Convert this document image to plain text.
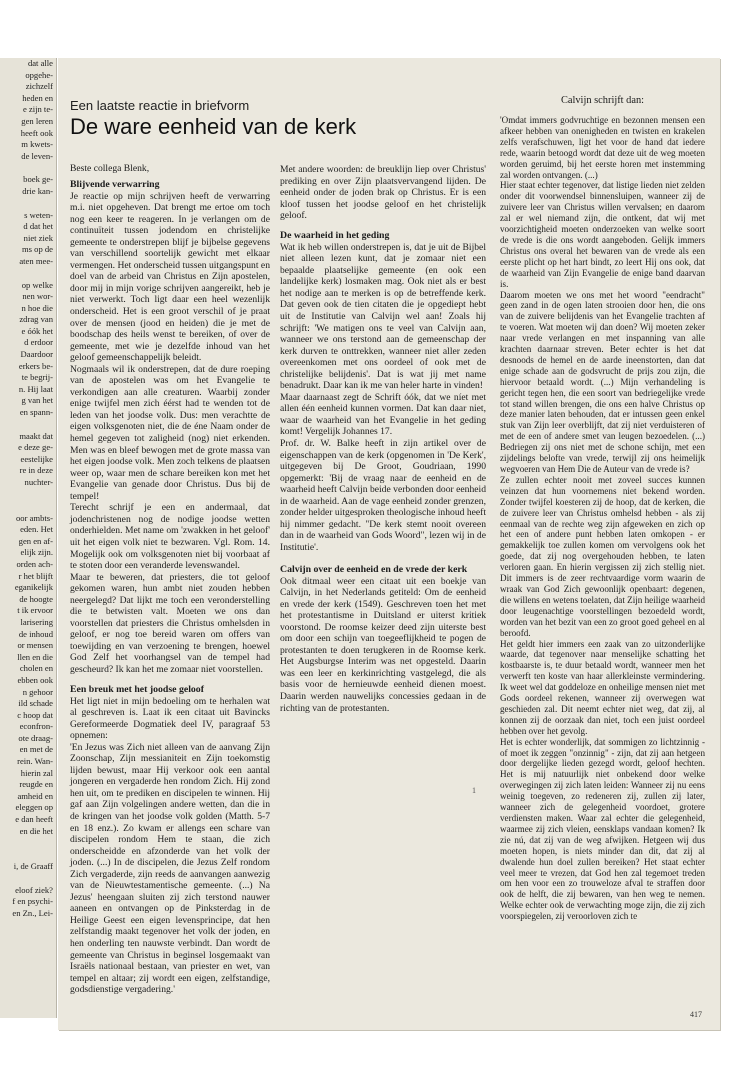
dat alle
opgehe-
zichzelf
heden en
e zijn te-
gen leren
heeft ook
m kwets-
de leven-
boek ge-
drie kan-
s weten-
d dat het
niet ziek
ms op de
aten mee-
op welke
nen wor-
n hoe die
zdrag van
e óók het
d erdoor
Daardoor
erkers be-
te begrij-
n. Hij laat
g van het
en spann-
maakt dat
e deze ge-
eestelijke
re in deze
nuchter-
oor ambts-
eden. Het
gen en af-
elijk zijn.
orden ach-
r het blijft
eganikelijk
de hoogte
t ik ervoor
larisering
de inhoud
or mensen
llen en die
cholen en
ebben ook
n gehoor
ild schade
c hoop dat
econfron-
ote draag-
en met de
rein. Wan-
hierin zal
reugde en
amheid en
eleggen op
e dan heeft
en die het
i, de Graaff
eloof ziek?
f en psychi-
en Zn., Lei-
Een laatste reactie in briefvorm
De ware eenheid van de kerk

Beste collega Blenk,

Blijvende verwarring

Je reactie op mijn schrijven heeft de verwarring m.i. niet opgeheven. Dat brengt me ertoe om toch nog een keer te reageren. In je verlangen om de continuïteit tussen jodendom en christelijke gemeente te onderstrepen blijf je bijbelse gegevens van verschillend soortelijk gewicht met elkaar vermengen. Het onderscheid tussen uitgangspunt en doel van de arbeid van Christus en Zijn apostelen, door mij in mijn vorige schrijven aangereikt, heb je niet verwerkt. Toch ligt daar een heel wezenlijk onderscheid. Het is een groot verschil of je praat over de mensen (jood en heiden) die je met de boodschap des heils wenst te bereiken, of over de gemeente, met wie je dezelfde inhoud van het geloof gemeenschappelijk beleidt.

Nogmaals wil ik onderstrepen, dat de dure roeping van de apostelen was om het Evangelie te verkondigen aan alle creaturen. Waarbij zonder enige twijfel men zich éérst had te wenden tot de leden van het joodse volk. Dus: men verachtte de eigen volksgenoten niet, die de éne Naam onder de hemel gegeven tot zaligheid (nog) niet erkenden. Men was en bleef bewogen met de grote massa van het eigen joodse volk. Men zoch telkens de plaatsen weer op, waar men de schare bereiken kon met het Evangelie van genade door Christus. Dus bij de tempel!

Terecht schrijf je een en andermaal, dat jodenchristenen nog de nodige joodse wetten onderhielden. Met name om 'zwakken in het geloof' uit het eigen volk niet te bezwaren. Vgl. Rom. 14. Mogelijk ook om volksgenoten niet bij voorbaat af te stoten door een veranderde levenswandel.

Maar te beweren, dat priesters, die tot geloof gekomen waren, hun ambt niet zouden hebben neergelegd? Dat lijkt me toch een veronderstelling die te betwisten valt. Moeten we ons dan voorstellen dat priesters die Christus omhelsden in geloof, er nog toe bereid waren om offers van toewijding en van verzoening te brengen, hoewel God Zelf het voorhangsel van de tempel had gescheurd? Ik kan het me zomaar niet voorstellen.

Een breuk met het joodse geloof

Het ligt niet in mijn bedoeling om te herhalen wat al geschreven is. Laat ik een citaat uit Bavincks Gereformeerde Dogmatiek deel IV, paragraaf 53 opnemen:

'En Jezus was Zich niet alleen van de aanvang Zijn Zoonschap, Zijn messianiteit en Zijn toekomstig lijden bewust, maar Hij verkoor ook een aantal jongeren en vergaderde hen rondom Zich. Hij zond hen uit, om te prediken en discipelen te winnen. Hij gaf aan Zijn volgelingen andere wetten, dan die in de kringen van het joodse volk golden (Matth. 5-7 en 18 enz.). Zo kwam er allengs een schare van discipelen rondom Hem te staan, die zich onderscheidde en afzonderde van het volk der joden. (...) In de discipelen, die Jezus Zelf rondom Zich vergaderde, zijn reeds de aanvangen aanwezig van de Nieuwtestamentische gemeente. (...) Na Jezus' heengaan sluiten zij zich terstond nauwer aaneen en ontvangen op de Pinksterdag in de Heilige Geest een eigen levensprincipe, dat hen zelfstandig maakt tegenover het volk der joden, en hen onderling ten nauwste verbindt. Dan wordt de gemeente van Christus in beginsel losgemaakt van Israëls nationaal bestaan, van priester en wet, van tempel en altaar; zij wordt een eigen, zelfstandige, godsdienstige vergadering.'

Met andere woorden: de breuklijn liep over Christus' prediking en over Zijn plaatsvervangend lijden. De eenheid onder de joden brak op Christus. Er is een kloof tussen het joodse geloof en het christelijk geloof.

De waarheid in het geding

Wat ik heb willen onderstrepen is, dat je uit de Bijbel niet alleen lezen kunt, dat je zomaar niet een bepaalde plaatselijke gemeente (en ook een landelijke kerk) losmaken mag. Ook niet als er best het nodige aan te merken is op de betreffende kerk. Dat geven ook de tien citaten die je opgediept hebt uit de Institutie van Calvijn wel aan! Zoals hij schrijft: 'We matigen ons te veel van Calvijn aan, wanneer we ons terstond aan de gemeenschap der kerk durven te onttrekken, wanneer niet aller zeden overeenkomen met ons oordeel of ook met de christelijke belijdenis'. Dat is wat jij met name benadrukt. Daar kan ik me van heler harte in vinden!

Maar daarnaast zegt de Schrift óók, dat we níet met allen één eenheid kunnen vormen. Dat kan daar niet, waar de waarheid van het Evangelie in het geding komt! Vergelijk Johannes 17.

Prof. dr. W. Balke heeft in zijn artikel over de eigenschappen van de kerk (opgenomen in 'De Kerk', uitgegeven bij De Groot, Goudriaan, 1990 opgemerkt: 'Bij de vraag naar de eenheid en de waarheid heeft Calvijn beide verbonden door eenheid in de waarheid. Aan de vage eenheid zonder grenzen, zonder helder uitgesproken theologische inhoud heeft hij nimmer gedacht. "De kerk stemt nooit overeen dan in de waarheid van Gods Woord", lezen wij in de Institutie'.

Calvijn over de eenheid en de vrede der kerk

Ook ditmaal weer een citaat uit een boekje van Calvijn, in het Nederlands getiteld: Om de eenheid en vrede der kerk (1549). Geschreven toen het met het protestantisme in Duitsland er uiterst kritiek voorstond. De roomse keizer deed zijn uiterste best om door een schijn van toegeeflijkheid te pogen de protestanten te doen terugkeren in de Roomse kerk. Het Augsburgse Interim was net opgesteld. Daarin was een leer en kerkinrichting vastgelegd, die als basis voor de hernieuwde eenheid dienen moest. Daarin werden nauwelijks concessies gedaan in de richting van de protestanten.

Calvijn schrijft dan:

'Omdat immers godvruchtige en bezonnen mensen een afkeer hebben van onenigheden en twisten en krakelen zelfs verafschuwen, ligt het voor de hand dat iedere rede, waarin betoogd wordt dat deze uit de weg moeten worden geruimd, bij het eerste horen met instemming zal worden ontvangen. (...)

Hier staat echter tegenover, dat listige lieden niet zelden onder dit voorwendsel binnensluipen, wanneer zij de zuivere leer van Christus willen vervalsen; en daarom zal er wel niemand zijn, die ontkent, dat wij met voorzichtigheid moeten onderzoeken van welke soort de vrede is die ons wordt aangeboden. Gelijk immers Christus ons overal het bewaren van de vrede als een eerste plicht op het hart bindt, zo leert Hij ons ook, dat de waarheid van Zijn Evangelie de enige band daarvan is.

Daarom moeten we ons met het woord "eendracht" geen zand in de ogen laten strooien door hen, die ons van de zuivere belijdenis van het Evangelie trachten af te voeren. Wat moeten wij dan doen? Wij moeten zeker naar vrede verlangen en met inspanning van alle krachten daarnaar streven. Beter echter is het dat desnoods de hemel en de aarde ineenstorten, dan dat enige schade aan de godsvrucht de prijs zou zijn, die hiervoor betaald wordt. (...) Mijn verhandeling is gericht tegen hen, die een soort van bedriegelijke vrede tot stand willen brengen, die ons een halve Christus op deze manier laten behouden, dat er intussen geen enkel stuk van Zijn leer overblijft, dat zij niet verduisteren of met de een of andere smet van leugen bezoedelen. (...) Bedriegen zij ons niet met de schone schijn, met een zijdelings belofte van vrede, terwijl zij ons heimelijk wegvoeren van Hem Die de Auteur van de vrede is?

Ze zullen echter nooit met zoveel succes kunnen veinzen dat hun voornemens niet bekend worden. Zonder twijfel koesteren zij de hoop, dat de kerken, die de zuivere leer van Christus omhelsd hebben - als zij eenmaal van de rechte weg zijn afgeweken en zich op het een of andere punt hebben laten omkopen - er gemakkelijk toe zullen komen om vervolgens ook het goede, dat zij nog overgehouden hebben, te laten verloren gaan. En hierin vergissen zij zich stellig niet. Dit immers is de zeer rechtvaardige vorm waarin de wraak van God Zich gewoonlijk openbaart: degenen, die willens en wetens toelaten, dat Zijn heilige waarheid door leugenachtige voorstellingen bezoedeld wordt, worden van het bezit van een zo groot goed geheel en al beroofd.

Het geldt hier immers een zaak van zo uitzonderlijke waarde, dat tegenover naar menselijke schatting het kostbaarste is, te duur betaald wordt, wanneer men het verwerft ten koste van haar allerkleinste vermindering. Ik weet wel dat goddeloze en onheilige mensen niet met Gods oordeel rekenen, wanneer zij overwegen wat geschieden zal. Dit neemt echter niet weg, dat zij, al konnen zij de oorzaak dan niet, toch een juist oordeel hebben over het gevolg.

Het is echter wonderlijk, dat sommigen zo lichtzinnig - of moet ik zeggen "onzinnig" - zijn, dat zij aan hetgeen door dergelijke lieden gezegd wordt, geloof hechten. Het is mij natuurlijk niet onbekend door welke overwegingen zij zich laten leiden: Wanneer zij nu eens weinig toegeven, zo redeneren zij, zullen zij later, wanneer zich de gelegenheid voordoet, grotere verdiensten maken. Waar zal echter die gelegenheid, waarmee zij zich vleien, eensklaps vandaan komen? Ik zie nú, dat zij van de weg afwijken. Hetgeen wij dus moeten hopen, is niets minder dan dit, dat zij al dwalende hun doel zullen bereiken? Het staat echter veel meer te vrezen, dat God hen zal tegemoet treden om hen voor een zo trouweloze afval te straffen door ook de helft, die zij bewaren, van hen weg te nemen. Welke echter ook de verwachting moge zijn, die zij zich voorspiegelen, zij veroorloven zich te

1
417
